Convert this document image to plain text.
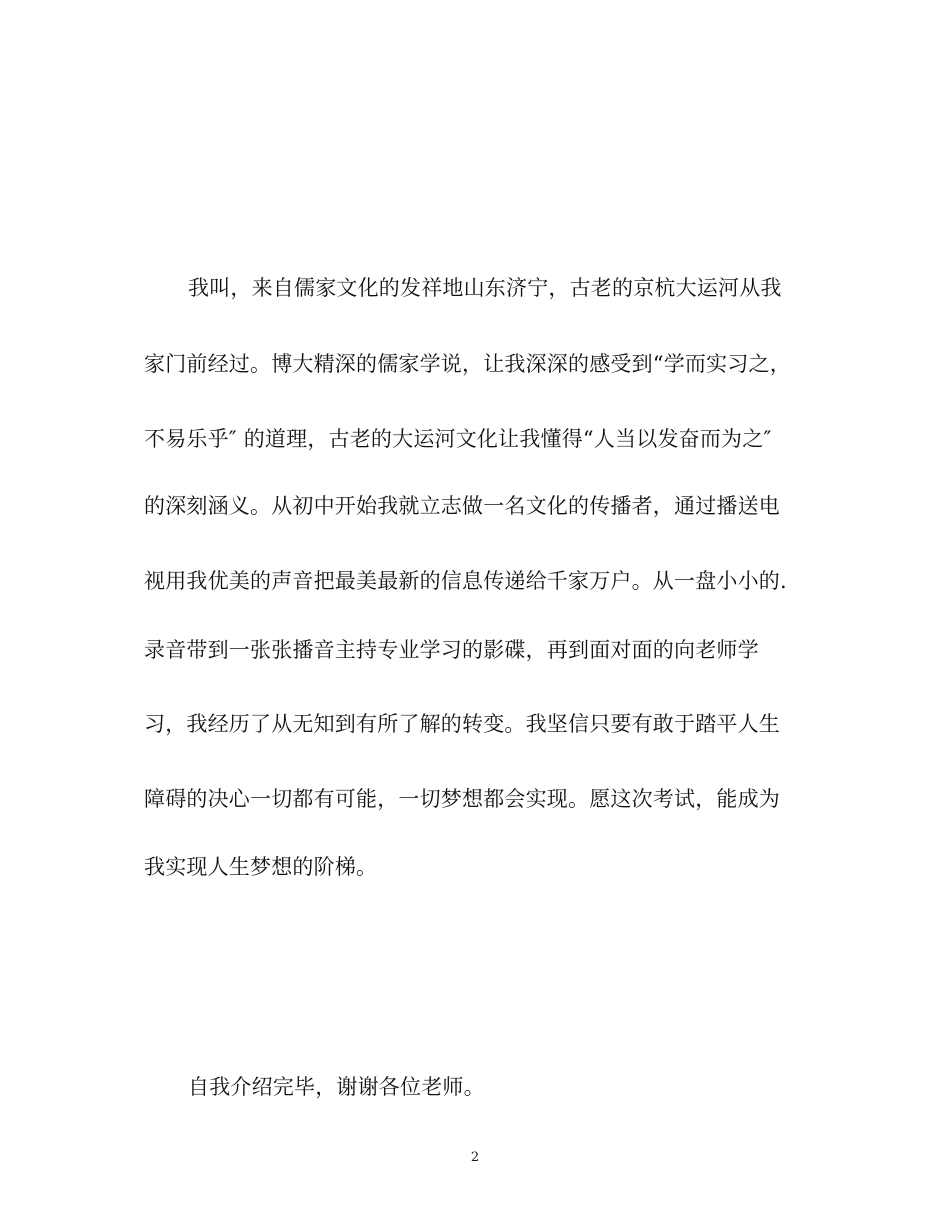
我叫，来自儒家文化的发祥地山东济宁，古老的京杭大运河从我
家门前经过。博大精深的儒家学说，让我深深的感受到“学而实习之，
不易乐乎″ 的道理，古老的大运河文化让我懂得“人当以发奋而为之″
的深刻涵义。从初中开始我就立志做一名文化的传播者，通过播送电
视用我优美的声音把最美最新的信息传递给千家万户。从一盘小小的.
录音带到一张张播音主持专业学习的影碟，再到面对面的向老师学
习，我经历了从无知到有所了解的转变。我坚信只要有敢于踏平人生
障碍的决心一切都有可能，一切梦想都会实现。愿这次考试，能成为
我实现人生梦想的阶梯。
自我介绍完毕，谢谢各位老师。
2
